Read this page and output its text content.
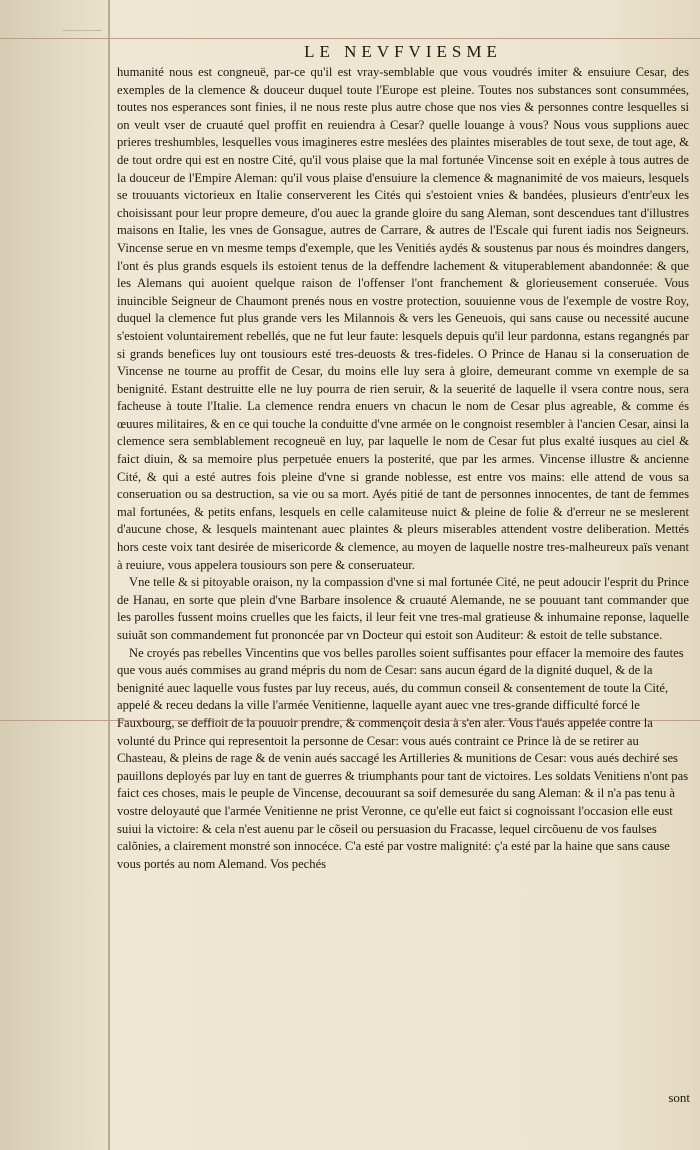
LE NEVFVIESME

humanité nous est congneuë, par-ce qu'il est vray-semblable que vous voudrés imiter & ensuiure Cesar, des exemples de la clemence & douceur duquel toute l'Europe est pleine. Toutes nos substances sont consummées, toutes nos esperances sont finies, il ne nous reste plus autre chose que nos vies & personnes contre lesquelles si on veult vser de cruauté quel proffit en reuiendra à Cesar? quelle louange à vous? Nous vous supplions auec prieres treshumbles, lesquelles vous imagineres estre meslées des plaintes miserables de tout sexe, de tout age, & de tout ordre qui est en nostre Cité, qu'il vous plaise que la mal fortunée Vincense soit en exéple à tous autres de la douceur de l'Empire Aleman: qu'il vous plaise d'ensuiure la clemence & magnanimité de vos maieurs, lesquels se trouuants victorieux en Italie conserverent les Cités qui s'estoient vnies & bandées, plusieurs d'entr'eux les choisissant pour leur propre demeure, d'ou auec la grande gloire du sang Aleman, sont descendues tant d'illustres maisons en Italie, les vnes de Gonsague, autres de Carrare, & autres de l'Escale qui furent iadis nos Seigneurs. Vincense serue en vn mesme temps d'exemple, que les Venitiés aydés & soustenus par nous és moindres dangers, l'ont és plus grands esquels ils estoient tenus de la deffendre lachement & vituperablement abandonnée: & que les Alemans qui auoient quelque raison de l'offenser l'ont franchement & glorieusement conseruée. Vous inuincible Seigneur de Chaumont prenés nous en vostre protection, souuienne vous de l'exemple de vostre Roy, duquel la clemence fut plus grande vers les Milannois & vers les Geneuois, qui sans cause ou necessité aucune s'estoient voluntairement rebellés, que ne fut leur faute: lesquels depuis qu'il leur pardonna, estans regangnés par si grands benefices luy ont tousiours esté tres-deuosts & tres-fideles. O Prince de Hanau si la conseruation de Vincense ne tourne au proffit de Cesar, du moins elle luy sera à gloire, demeurant comme vn exemple de sa benignité. Estant destruitte elle ne luy pourra de rien seruir, & la seuerité de laquelle il vsera contre nous, sera facheuse à toute l'Italie. La clemence rendra enuers vn chacun le nom de Cesar plus agreable, & comme és œuures militaires, & en ce qui touche la conduitte d'vne armée on le congnoist resembler à l'ancien Cesar, ainsi la clemence sera semblablement recogneuë en luy, par laquelle le nom de Cesar fut plus exalté iusques au ciel & faict diuin, & sa memoire plus perpetuée enuers la posterité, que par les armes. Vincense illustre & ancienne Cité, & qui a esté autres fois pleine d'vne si grande noblesse, est entre vos mains: elle attend de vous sa conseruation ou sa destruction, sa vie ou sa mort. Ayés pitié de tant de personnes innocentes, de tant de femmes mal fortunées, & petits enfans, lesquels en celle calamiteuse nuict & pleine de folie & d'erreur ne se meslerent d'aucune chose, & lesquels maintenant auec plaintes & pleurs miserables attendent vostre deliberation. Mettés hors ceste voix tant desirée de misericorde & clemence, au moyen de laquelle nostre tres-malheureux païs venant à reuiure, vous appelera tousiours son pere & conseruateur.

Vne telle & si pitoyable oraison, ny la compassion d'vne si mal fortunée Cité, ne peut adoucir l'esprit du Prince de Hanau, en sorte que plein d'vne Barbare insolence & cruauté Alemande, ne se pouuant tant commander que les parolles fussent moins cruelles que les faicts, il leur feit vne tres-mal gratieuse & inhumaine reponse, laquelle suiuãt son commandement fut prononcée par vn Docteur qui estoit son Auditeur: & estoit de telle substance.

Ne croyés pas rebelles Vincentins que vos belles parolles soient suffisantes pour effacer la memoire des fautes que vous aués commises au grand mépris du nom de Cesar: sans aucun égard de la dignité duquel, & de la benignité auec laquelle vous fustes par luy receus, aués, du commun conseil & consentement de toute la Cité, appelé & receu dedans la ville l'armée Venitienne, laquelle ayant auec vne tres-grande difficulté forcé le Fauxbourg, se deffioit de la pouuoir prendre, & commençoit desia à s'en aler. Vous l'aués appelée contre la volunté du Prince qui representoit la personne de Cesar: vous aués contraint ce Prince là de se retirer au Chasteau, & pleins de rage & de venin aués saccagé les Artilleries & munitions de Cesar: vous aués dechiré ses pauillons deployés par luy en tant de guerres & triumphants pour tant de victoires. Les soldats Venitiens n'ont pas faict ces choses, mais le peuple de Vincense, decouurant sa soif demesurée du sang Aleman: & il n'a pas tenu à vostre deloyauté que l'armée Venitienne ne prist Veronne, ce qu'elle eut faict si cognoissant l'occasion elle eust suiui la victoire: & cela n'est auenu par le cõseil ou persuasion du Fracasse, lequel circõuenu de vos faulses calõnies, a clairement monstré son innocéce. C'a esté par vostre malignité: ç'a esté par la haine que sans cause vous portés au nom Alemand. Vos pechés

sont
